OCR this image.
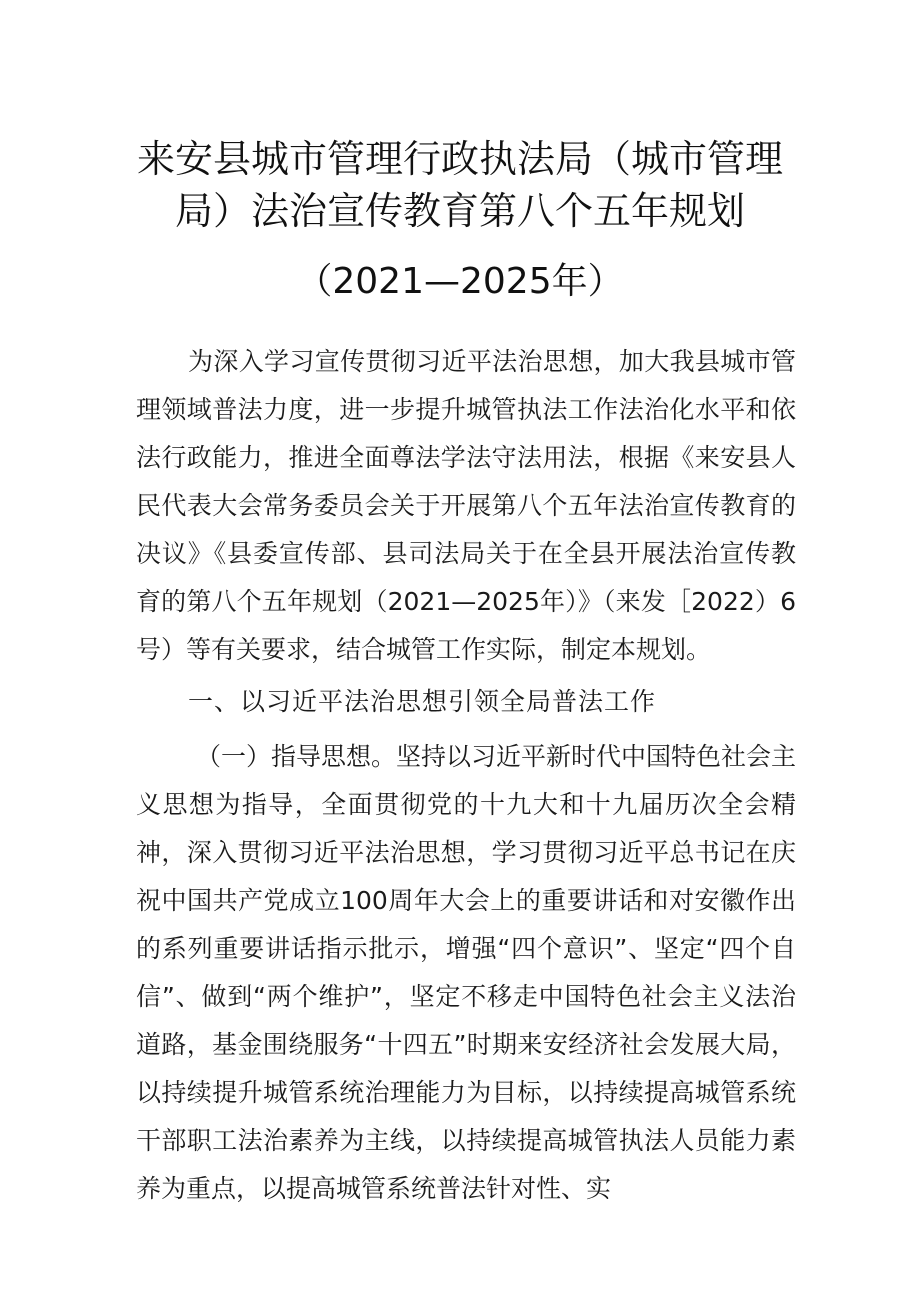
来安县城市管理行政执法局（城市管理
局）法治宣传教育第八个五年规划
（2021—2025年）
为深入学习宣传贯彻习近平法治思想，加大我县城市管理领域普法力度，进一步提升城管执法工作法治化水平和依法行政能力，推进全面尊法学法守法用法，根据《来安县人民代表大会常务委员会关于开展第八个五年法治宣传教育的决议》《县委宣传部、县司法局关于在全县开展法治宣传教育的第八个五年规划（2021—2025年）》（来发［2022）6号）等有关要求，结合城管工作实际，制定本规划。
一、以习近平法治思想引领全局普法工作
（一）指导思想。坚持以习近平新时代中国特色社会主义思想为指导，全面贯彻党的十九大和十九届历次全会精神，深入贯彻习近平法治思想，学习贯彻习近平总书记在庆祝中国共产党成立100周年大会上的重要讲话和对安徽作出的系列重要讲话指示批示，增强“四个意识”、坚定“四个自信”、做到“两个维护”，坚定不移走中国特色社会主义法治道路，基金围绕服务“十四五”时期来安经济社会发展大局，以持续提升城管系统治理能力为目标，以持续提高城管系统干部职工法治素养为主线，以持续提高城管执法人员能力素养为重点，以提高城管系统普法针对性、实
